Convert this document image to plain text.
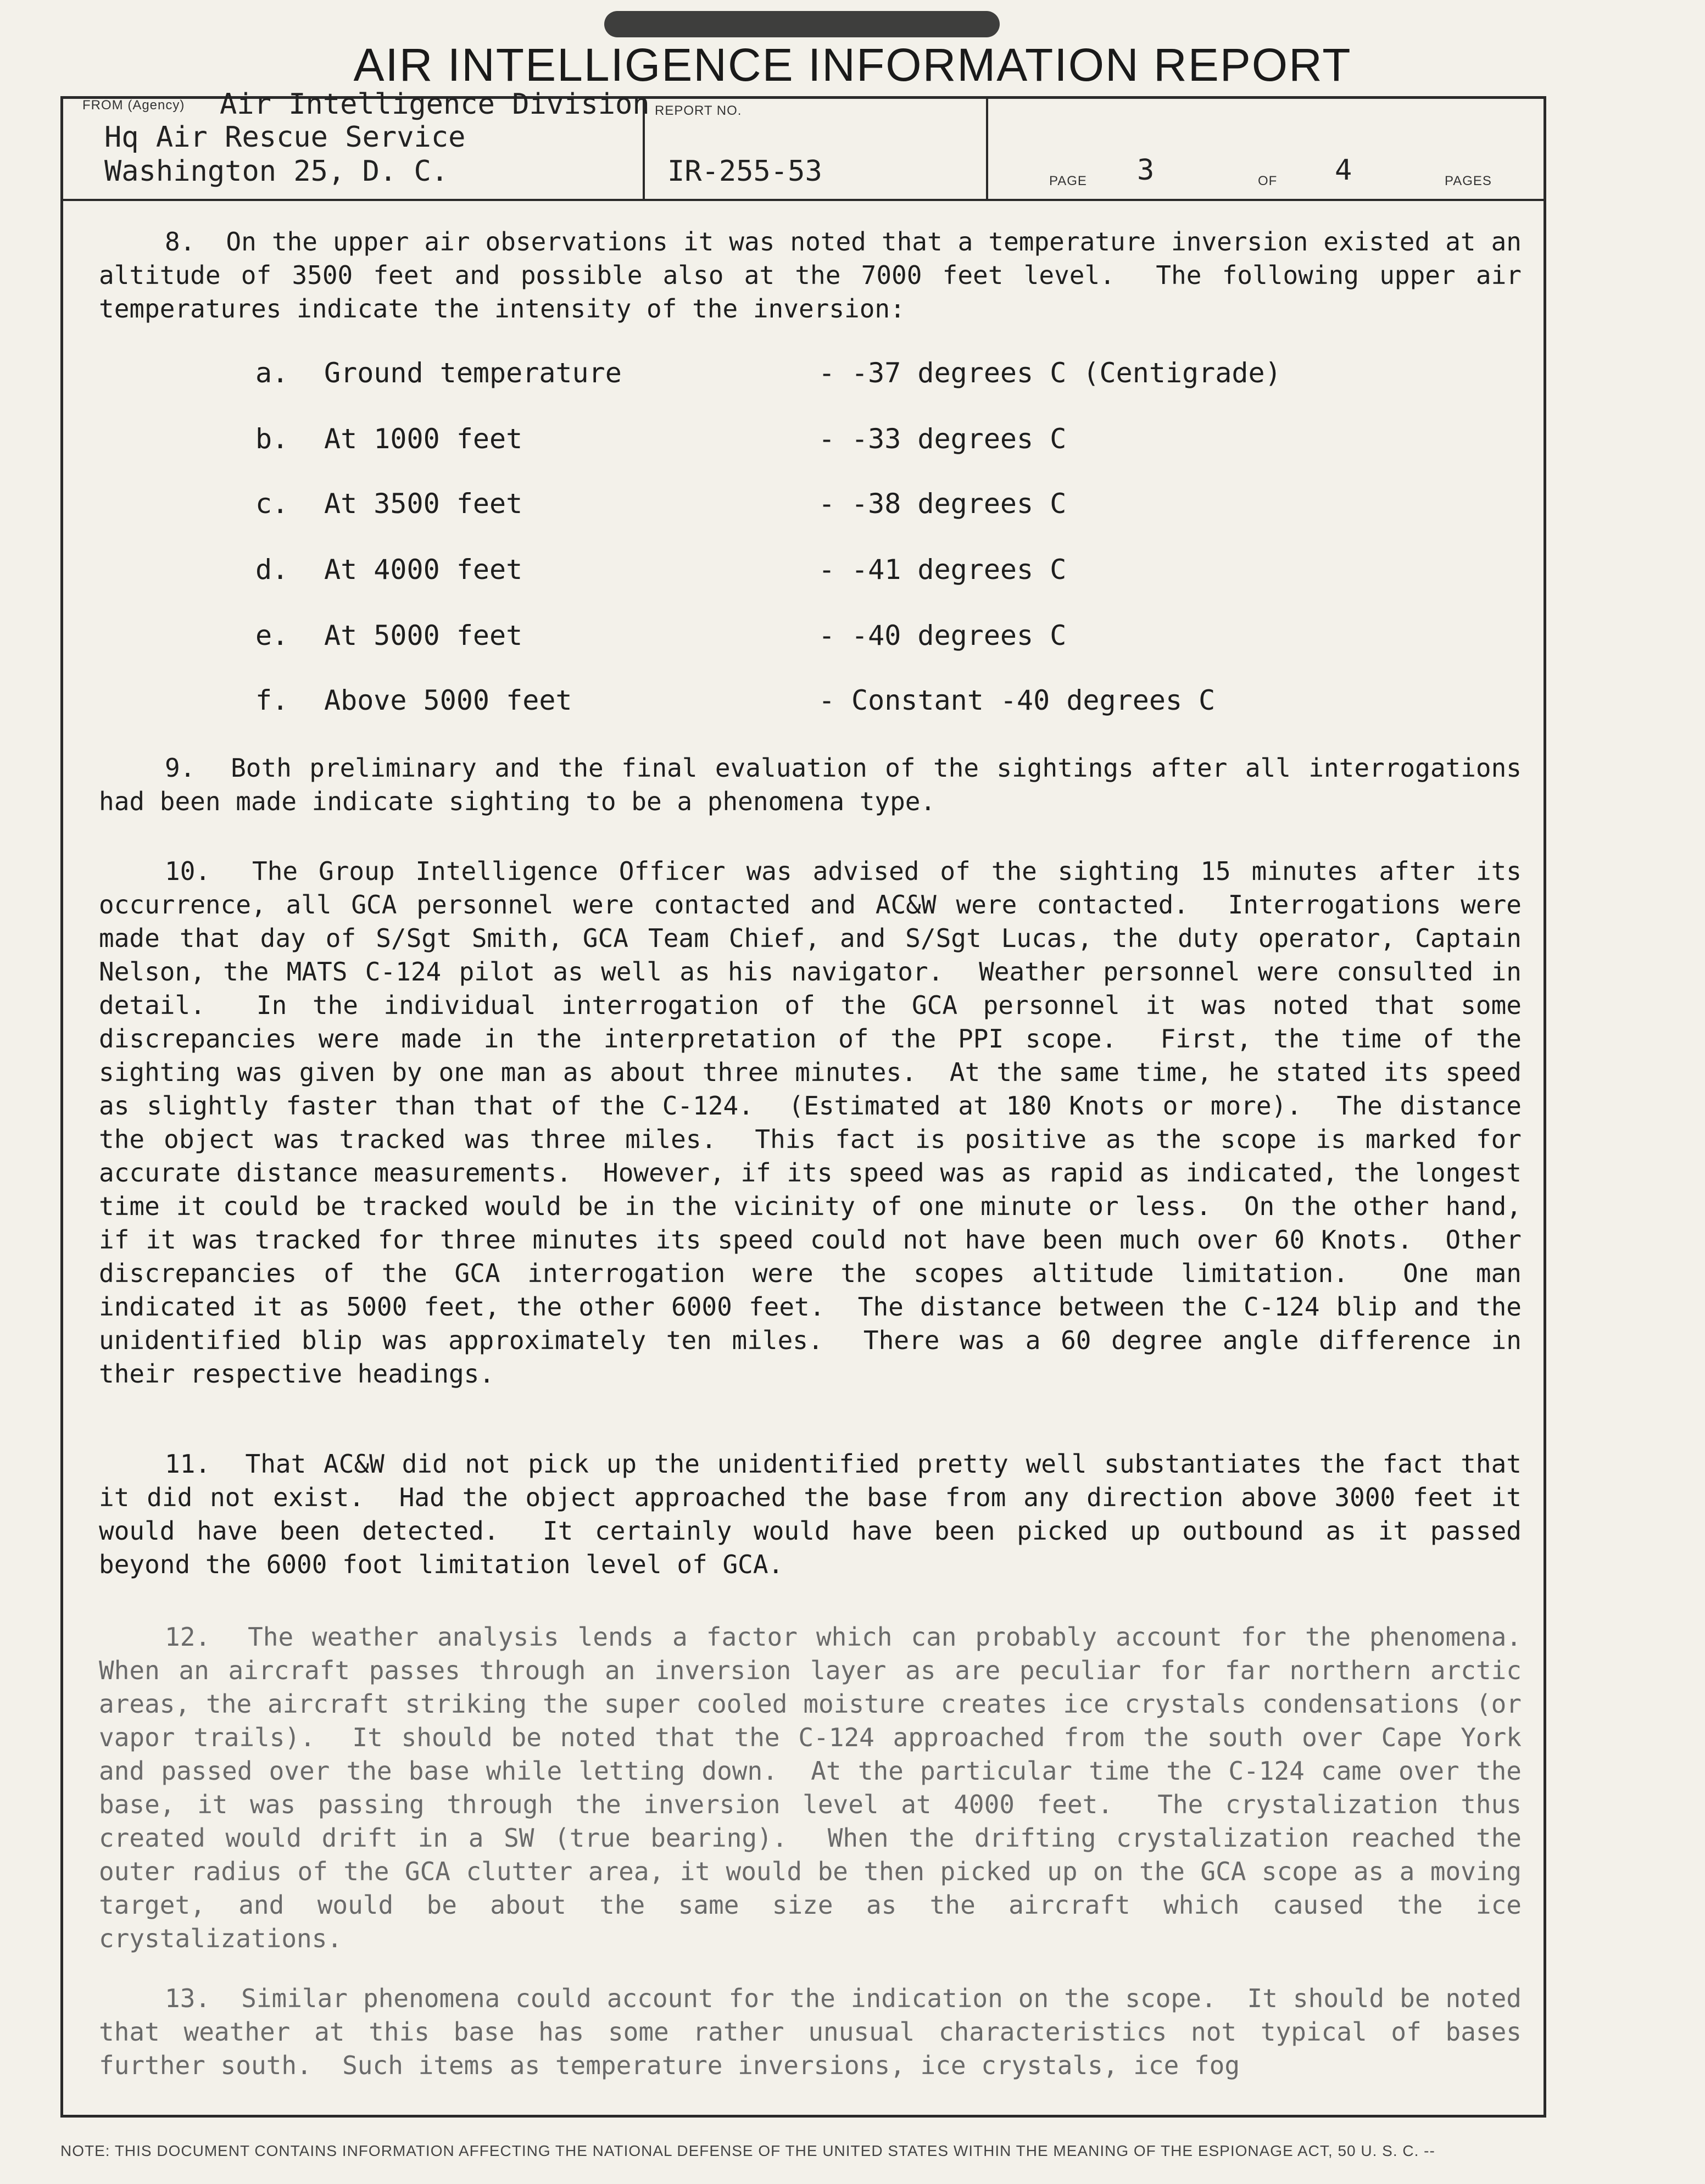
AIR INTELLIGENCE INFORMATION REPORT
FROM (Agency) Air Intelligence Division
Hq Air Rescue Service
Washington 25, D. C.
REPORT NO.
IR-255-53	PAGE 3	OF 4	PAGES
8.  On the upper air observations it was noted that a temperature inversion existed at an altitude of 3500 feet and possible also at the 7000 feet level.  The following upper air temperatures indicate the intensity of the inversion:
a. Ground temperature	- -37 degrees C (Centigrade)
b. At 1000 feet	- -33 degrees C
c. At 3500 feet	- -38 degrees C
d. At 4000 feet	- -41 degrees C
e. At 5000 feet	- -40 degrees C
f. Above 5000 feet	- Constant -40 degrees C
9.  Both preliminary and the final evaluation of the sightings after all interrogations had been made indicate sighting to be a phenomena type.
10.  The Group Intelligence Officer was advised of the sighting 15 minutes after its occurrence, all GCA personnel were contacted and AC&W were contacted.  Interrogations were made that day of S/Sgt Smith, GCA Team Chief, and S/Sgt Lucas, the duty operator, Captain Nelson, the MATS C-124 pilot as well as his navigator.  Weather personnel were consulted in detail.  In the individual interrogation of the GCA personnel it was noted that some discrepancies were made in the interpretation of the PPI scope.  First, the time of the sighting was given by one man as about three minutes.  At the same time, he stated its speed as slightly faster than that of the C-124.  (Estimated at 180 Knots or more).  The distance the object was tracked was three miles.  This fact is positive as the scope is marked for accurate distance measurements.  However, if its speed was as rapid as indicated, the longest time it could be tracked would be in the vicinity of one minute or less.  On the other hand, if it was tracked for three minutes its speed could not have been much over 60 Knots.  Other discrepancies of the GCA interrogation were the scopes altitude limitation.  One man indicated it as 5000 feet, the other 6000 feet.  The distance between the C-124 blip and the unidentified blip was approximately ten miles.  There was a 60 degree angle difference in their respective headings.
11.  That AC&W did not pick up the unidentified pretty well substantiates the fact that it did not exist.  Had the object approached the base from any direction above 3000 feet it would have been detected.  It certainly would have been picked up outbound as it passed beyond the 6000 foot limitation level of GCA.
12.  The weather analysis lends a factor which can probably account for the phenomena.  When an aircraft passes through an inversion layer as are peculiar for far northern arctic areas, the aircraft striking the super cooled moisture creates ice crystals condensations (or vapor trails).  It should be noted that the C-124 approached from the south over Cape York and passed over the base while letting down.  At the particular time the C-124 came over the base, it was passing through the inversion level at 4000 feet.  The crystalization thus created would drift in a SW (true bearing).  When the drifting crystalization reached the outer radius of the GCA clutter area, it would be then picked up on the GCA scope as a moving target, and would be about the same size as the aircraft which caused the ice crystalizations.
13.  Similar phenomena could account for the indication on the scope.  It should be noted that weather at this base has some rather unusual characteristics not typical of bases further south.  Such items as temperature inversions, ice crystals, ice fog
NOTE: THIS DOCUMENT CONTAINS INFORMATION AFFECTING THE NATIONAL DEFENSE OF THE UNITED STATES WITHIN THE MEANING OF THE ESPIONAGE ACT, 50 U. S. C. --
